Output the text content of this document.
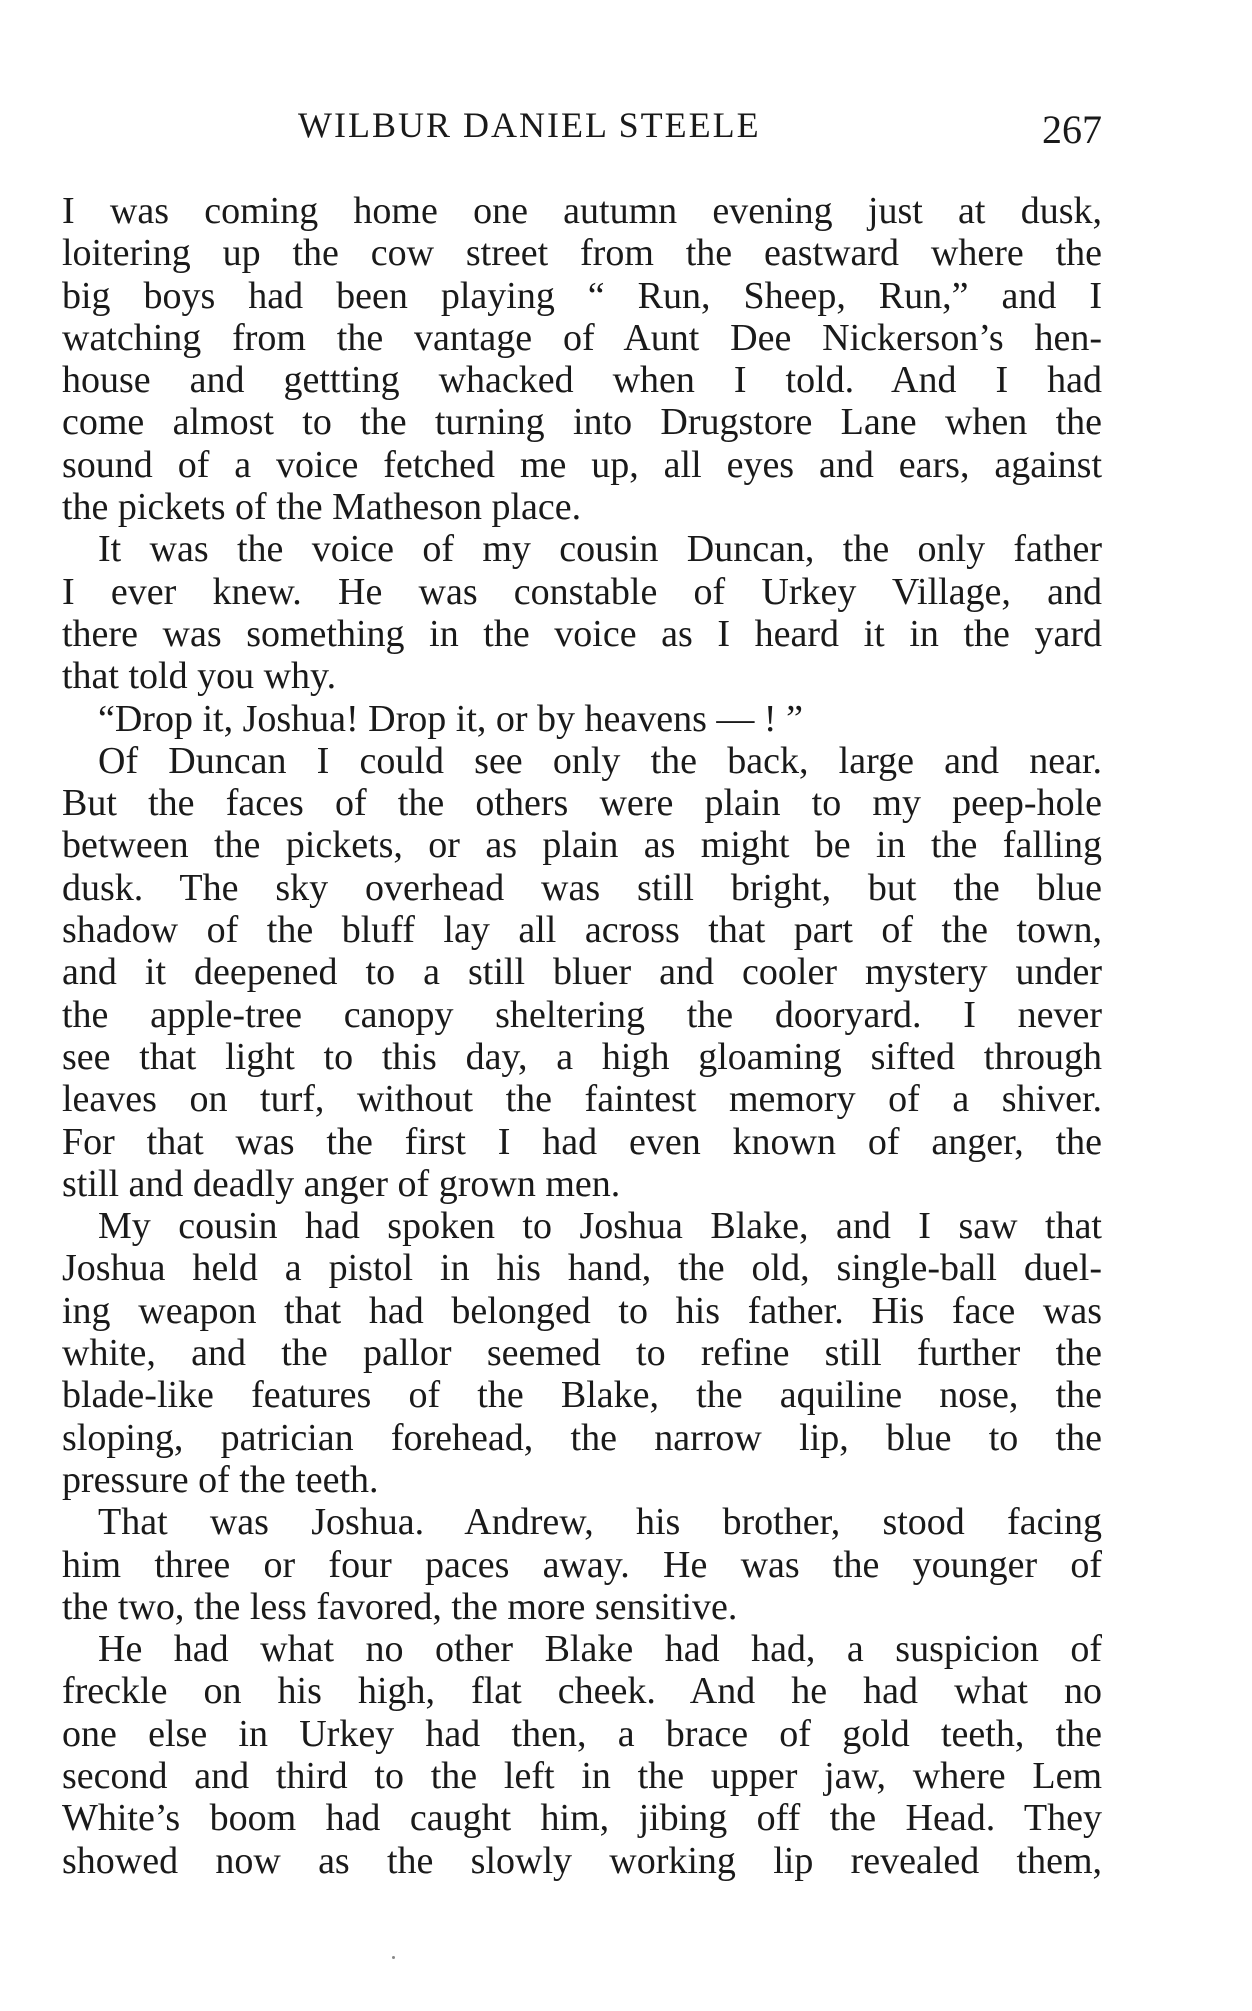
WILBUR DANIEL STEELE	267
I was coming home one autumn evening just at dusk,
loitering up the cow street from the eastward where the
big boys had been playing “ Run, Sheep, Run,” and I
watching from the vantage of Aunt Dee Nickerson’s hen-
house and gettting whacked when I told. And I had
come almost to the turning into Drugstore Lane when the
sound of a voice fetched me up, all eyes and ears, against
the pickets of the Matheson place.
It was the voice of my cousin Duncan, the only father
I ever knew. He was constable of Urkey Village, and
there was something in the voice as I heard it in the yard
that told you why.
“Drop it, Joshua! Drop it, or by heavens — ! ”
Of Duncan I could see only the back, large and near.
But the faces of the others were plain to my peep-hole
between the pickets, or as plain as might be in the falling
dusk. The sky overhead was still bright, but the blue
shadow of the bluff lay all across that part of the town,
and it deepened to a still bluer and cooler mystery under
the apple-tree canopy sheltering the dooryard. I never
see that light to this day, a high gloaming sifted through
leaves on turf, without the faintest memory of a shiver.
For that was the first I had even known of anger, the
still and deadly anger of grown men.
My cousin had spoken to Joshua Blake, and I saw that
Joshua held a pistol in his hand, the old, single-ball duel-
ing weapon that had belonged to his father. His face was
white, and the pallor seemed to refine still further the
blade-like features of the Blake, the aquiline nose, the
sloping, patrician forehead, the narrow lip, blue to the
pressure of the teeth.
That was Joshua. Andrew, his brother, stood facing
him three or four paces away. He was the younger of
the two, the less favored, the more sensitive.
He had what no other Blake had had, a suspicion of
freckle on his high, flat cheek. And he had what no
one else in Urkey had then, a brace of gold teeth, the
second and third to the left in the upper jaw, where Lem
White’s boom had caught him, jibing off the Head. They
showed now as the slowly working lip revealed them,
